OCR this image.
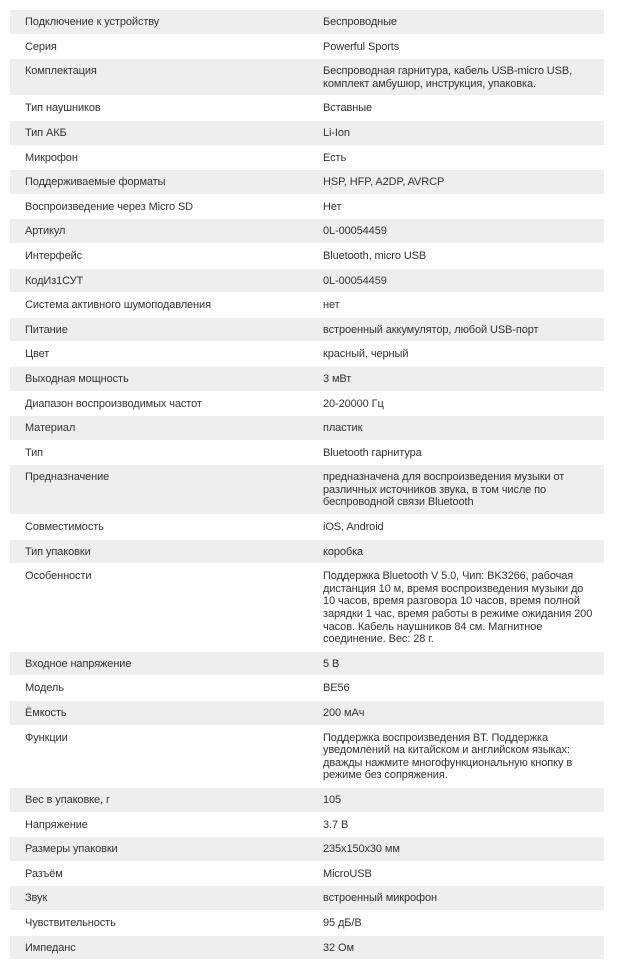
Подключение к устройству	Беспроводные
Серия	Powerful Sports
Комплектация	Беспроводная гарнитура, кабель USB-micro USB, комплект амбушюр, инструкция, упаковка.
Тип наушников	Вставные
Тип АКБ	Li-Ion
Микрофон	Есть
Поддерживаемые форматы	HSP, HFP, A2DP, AVRCP
Воспроизведение через Micro SD	Нет
Артикул	0L-00054459
Интерфейс	Bluetooth, micro USB
КодИз1СУТ	0L-00054459
Система активного шумоподавления	нет
Питание	встроенный аккумулятор, любой USB-порт
Цвет	красный, черный
Выходная мощность	3 мВт
Диапазон воспроизводимых частот	20-20000 Гц
Материал	пластик
Тип	Bluetooth гарнитура
Предназначение	предназначена для воспроизведения музыки от различных источников звука, в том числе по беспроводной связи Bluetooth
Совместимость	iOS, Android
Тип упаковки	коробка
Особенности	Поддержка Bluetooth V 5.0, Чип: BK3266, рабочая дистанция 10 м, время воспроизведения музыки до 10 часов, время разговора 10 часов, время полной зарядки 1 час, время работы в режиме ожидания 200 часов. Кабель наушников 84 см. Магнитное соединение. Вес: 28 г.
Входное напряжение	5 В
Модель	BE56
Ёмкость	200 мАч
Функции	Поддержка воспроизведения BT. Поддержка уведомлений на китайском и английском языках: дважды нажмите многофункциональную кнопку в режиме без сопряжения.
Вес в упаковке, г	105
Напряжение	3.7 В
Размеры упаковки	235x150x30 мм
Разъём	MicroUSB
Звук	встроенный микрофон
Чувствительность	95 дБ/В
Импеданс	32 Ом
